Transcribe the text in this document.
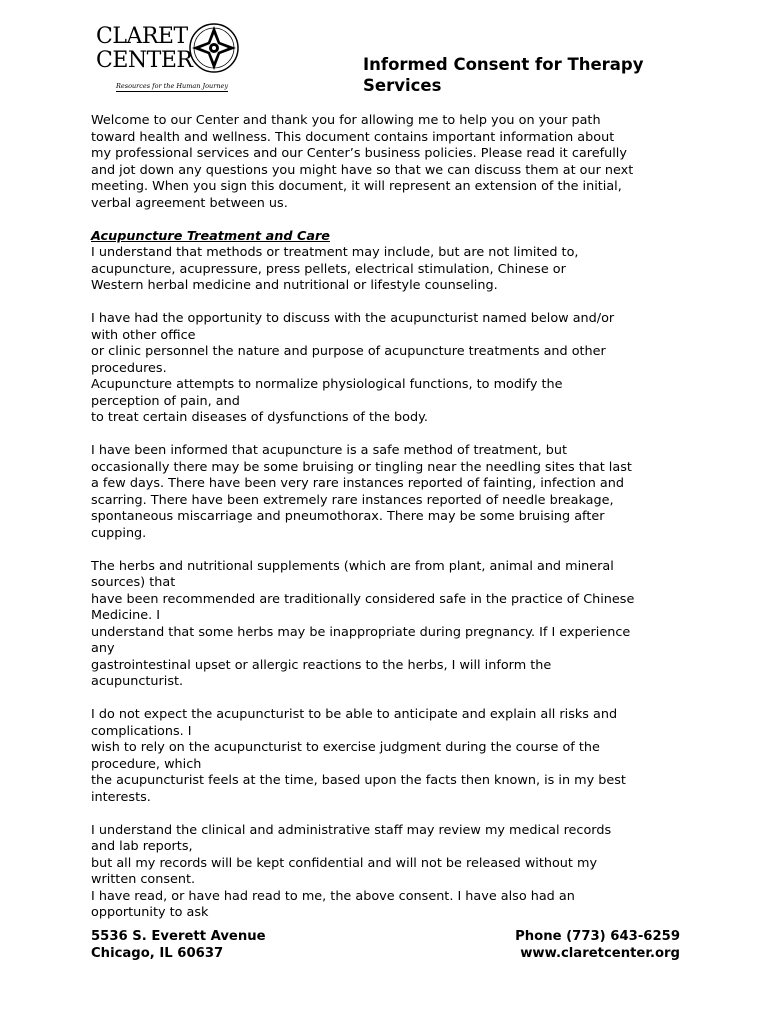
CLARET
CENTER
Resources for the Human Journey
Informed Consent for Therapy Services

Welcome to our Center and thank you for allowing me to help you on your path
toward health and wellness. This document contains important information about
my professional services and our Center’s business policies. Please read it carefully
and jot down any questions you might have so that we can discuss them at our next
meeting. When you sign this document, it will represent an extension of the initial,
verbal agreement between us.

Acupuncture Treatment and Care

I understand that methods or treatment may include, but are not limited to,
acupuncture, acupressure, press pellets, electrical stimulation, Chinese or
Western herbal medicine and nutritional or lifestyle counseling.

I have had the opportunity to discuss with the acupuncturist named below and/or
with other office
or clinic personnel the nature and purpose of acupuncture treatments and other
procedures.
Acupuncture attempts to normalize physiological functions, to modify the
perception of pain, and
to treat certain diseases of dysfunctions of the body.

I have been informed that acupuncture is a safe method of treatment, but
occasionally there may be some bruising or tingling near the needling sites that last
a few days. There have been very rare instances reported of fainting, infection and
scarring. There have been extremely rare instances reported of needle breakage,
spontaneous miscarriage and pneumothorax. There may be some bruising after
cupping.

The herbs and nutritional supplements (which are from plant, animal and mineral
sources) that
have been recommended are traditionally considered safe in the practice of Chinese
Medicine. I
understand that some herbs may be inappropriate during pregnancy. If I experience
any
gastrointestinal upset or allergic reactions to the herbs, I will inform the
acupuncturist.

I do not expect the acupuncturist to be able to anticipate and explain all risks and
complications. I
wish to rely on the acupuncturist to exercise judgment during the course of the
procedure, which
the acupuncturist feels at the time, based upon the facts then known, is in my best
interests.

I understand the clinical and administrative staff may review my medical records
and lab reports,
but all my records will be kept confidential and will not be released without my
written consent.

I have read, or have had read to me, the above consent. I have also had an
opportunity to ask

5536 S. Everett Avenue
Chicago, IL 60637
Phone (773) 643-6259
www.claretcenter.org
